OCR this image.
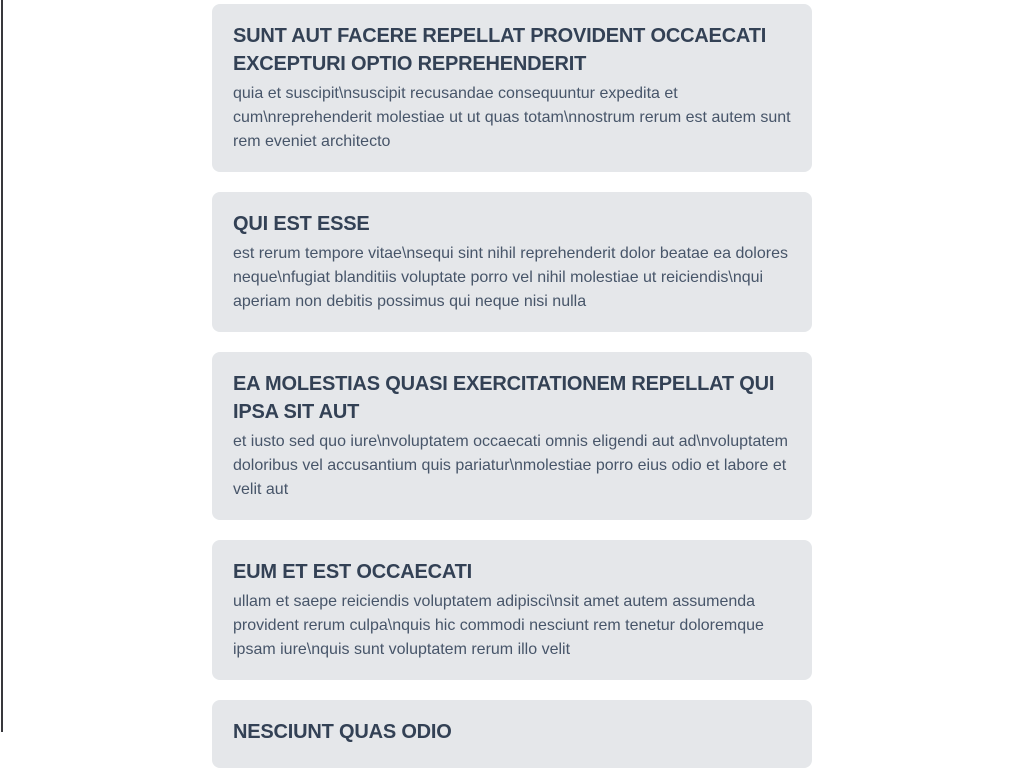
SUNT AUT FACERE REPELLAT PROVIDENT OCCAECATI EXCEPTURI OPTIO REPREHENDERIT

quia et suscipit\nsuscipit recusandae consequuntur expedita et cum\nreprehenderit molestiae ut ut quas totam\nnostrum rerum est autem sunt rem eveniet architecto

QUI EST ESSE

est rerum tempore vitae\nsequi sint nihil reprehenderit dolor beatae ea dolores neque\nfugiat blanditiis voluptate porro vel nihil molestiae ut reiciendis\nqui aperiam non debitis possimus qui neque nisi nulla

EA MOLESTIAS QUASI EXERCITATIONEM REPELLAT QUI IPSA SIT AUT

et iusto sed quo iure\nvoluptatem occaecati omnis eligendi aut ad\nvoluptatem doloribus vel accusantium quis pariatur\nmolestiae porro eius odio et labore et velit aut

EUM ET EST OCCAECATI

ullam et saepe reiciendis voluptatem adipisci\nsit amet autem assumenda provident rerum culpa\nquis hic commodi nesciunt rem tenetur doloremque ipsam iure\nquis sunt voluptatem rerum illo velit

NESCIUNT QUAS ODIO
